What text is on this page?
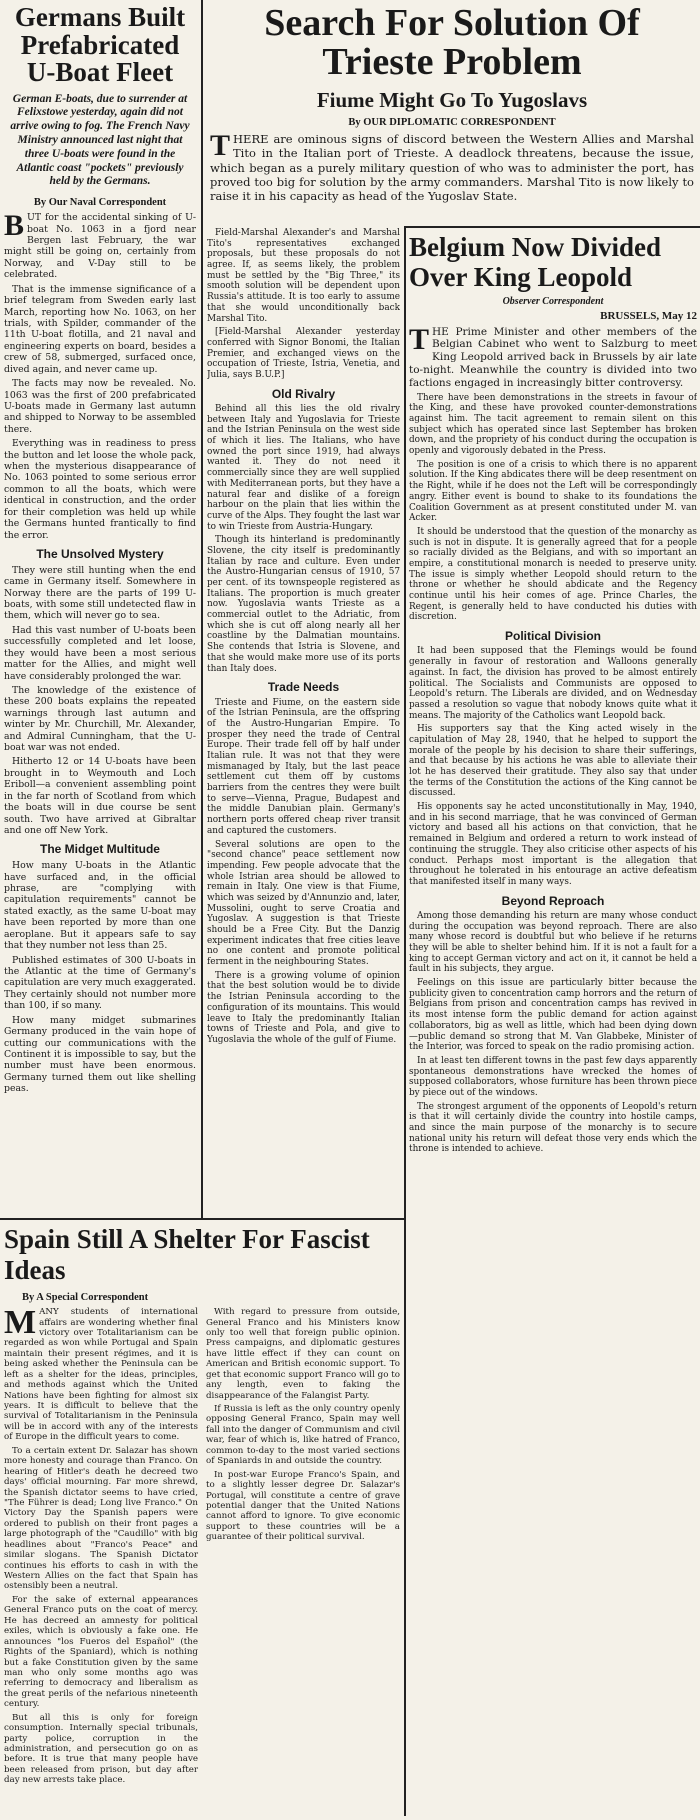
Germans Built Prefabricated U-Boat Fleet
German E-boats, due to surrender at Felixstowe yesterday, again did not arrive owing to fog. The French Navy Ministry announced last night that three U-boats were found in the Atlantic coast "pockets" previously held by the Germans.
By Our Naval Correspondent

BUT for the accidental sinking of U-boat No. 1063 in a fjord near Bergen last February, the war might still be going on, certainly from Norway, and V-Day still to be celebrated.

That is the immense significance of a brief telegram from Sweden early last March, reporting how No. 1063, on her trials, with Spilder, commander of the 11th U-boat flotilla, and 21 naval and engineering experts on board, besides a crew of 58, submerged, surfaced once, dived again, and never came up.

The facts may now be revealed. No. 1063 was the first of 200 prefabricated U-boats made in Germany last autumn and shipped to Norway to be assembled there.

Everything was in readiness to press the button and let loose the whole pack, when the mysterious disappearance of No. 1063 pointed to some serious error common to all the boats, which were identical in construction, and the order for their completion was held up while the Germans hunted frantically to find the error.

The Unsolved Mystery

They were still hunting when the end came in Germany itself. Somewhere in Norway there are the parts of 199 U-boats, with some still undetected flaw in them, which will never go to sea.

Had this vast number of U-boats been successfully completed and let loose, they would have been a most serious matter for the Allies, and might well have considerably prolonged the war.

The knowledge of the existence of these 200 boats explains the repeated warnings through last autumn and winter by Mr. Churchill, Mr. Alexander, and Admiral Cunningham, that the U-boat war was not ended.

Hitherto 12 or 14 U-boats have been brought in to Weymouth and Loch Eriboll—a convenient assembling point in the far north of Scotland from which the boats will in due course be sent south. Two have arrived at Gibraltar and one off New York.

The Midget Multitude

How many U-boats in the Atlantic have surfaced and, in the official phrase, are "complying with capitulation requirements" cannot be stated exactly, as the same U-boat may have been reported by more than one aeroplane. But it appears safe to say that they number not less than 25.

Published estimates of 300 U-boats in the Atlantic at the time of Germany's capitulation are very much exaggerated. They certainly should not number more than 100, if so many.

How many midget submarines Germany produced in the vain hope of cutting our communications with the Continent it is impossible to say, but the number must have been enormous. Germany turned them out like shelling peas.

Search For Solution Of Trieste Problem
Fiume Might Go To Yugoslavs
By OUR DIPLOMATIC CORRESPONDENT

THERE are ominous signs of discord between the Western Allies and Marshal Tito in the Italian port of Trieste. A deadlock threatens, because the issue, which began as a purely military question of who was to administer the port, has proved too big for solution by the army commanders. Marshal Tito is now likely to raise it in his capacity as head of the Yugoslav State.

Field-Marshal Alexander's and Marshal Tito's representatives exchanged proposals, but these proposals do not agree. If, as seems likely, the problem must be settled by the "Big Three," its smooth solution will be dependent upon Russia's attitude. It is too early to assume that she would unconditionally back Marshal Tito.

[Field-Marshal Alexander yesterday conferred with Signor Bonomi, the Italian Premier, and exchanged views on the occupation of Trieste, Istria, Venetia, and Julia, says B.U.P.]

Old Rivalry

Behind all this lies the old rivalry between Italy and Yugoslavia for Trieste and the Istrian Peninsula on the west side of which it lies. The Italians, who have owned the port since 1919, had always wanted it. They do not need it commercially since they are well supplied with Mediterranean ports, but they have a natural fear and dislike of a foreign harbour on the plain that lies within the curve of the Alps. They fought the last war to win Trieste from Austria-Hungary.

Though its hinterland is predominantly Slovene, the city itself is predominantly Italian by race and culture. Even under the Austro-Hungarian census of 1910, 57 per cent. of its townspeople registered as Italians. The proportion is much greater now. Yugoslavia wants Trieste as a commercial outlet to the Adriatic, from which she is cut off along nearly all her coastline by the Dalmatian mountains. She contends that Istria is Slovene, and that she would make more use of its ports than Italy does.

Trade Needs

Trieste and Fiume, on the eastern side of the Istrian Peninsula, are the offspring of the Austro-Hungarian Empire. To prosper they need the trade of Central Europe. Their trade fell off by half under Italian rule. It was not that they were mismanaged by Italy, but the last peace settlement cut them off by customs barriers from the centres they were built to serve—Vienna, Prague, Budapest and the middle Danubian plain. Germany's northern ports offered cheap river transit and captured the customers.

Several solutions are open to the "second chance" peace settlement now impending. Few people advocate that the whole Istrian area should be allowed to remain in Italy. One view is that Fiume, which was seized by d'Annunzio and, later, Mussolini, ought to serve Croatia and Yugoslav. A suggestion is that Trieste should be a Free City. But the Danzig experiment indicates that free cities leave no one content and promote political ferment in the neighbouring States.

There is a growing volume of opinion that the best solution would be to divide the Istrian Peninsula according to the configuration of its mountains. This would leave to Italy the predominantly Italian towns of Trieste and Pola, and give to Yugoslavia the whole of the gulf of Fiume.

Belgium Now Divided Over King Leopold
Observer Correspondent
BRUSSELS, May 12

THE Prime Minister and other members of the Belgian Cabinet who went to Salzburg to meet King Leopold arrived back in Brussels by air late to-night. Meanwhile the country is divided into two factions engaged in increasingly bitter controversy.

There have been demonstrations in the streets in favour of the King, and these have provoked counter-demonstrations against him. The tacit agreement to remain silent on this subject which has operated since last September has broken down, and the propriety of his conduct during the occupation is openly and vigorously debated in the Press.

The position is one of a crisis to which there is no apparent solution. If the King abdicates there will be deep resentment on the Right, while if he does not the Left will be correspondingly angry. Either event is bound to shake to its foundations the Coalition Government as at present constituted under M. van Acker.

It should be understood that the question of the monarchy as such is not in dispute. It is generally agreed that for a people so racially divided as the Belgians, and with so important an empire, a constitutional monarch is needed to preserve unity. The issue is simply whether Leopold should return to the throne or whether he should abdicate and the Regency continue until his heir comes of age. Prince Charles, the Regent, is generally held to have conducted his duties with discretion.

Political Division

It had been supposed that the Flemings would be found generally in favour of restoration and Walloons generally against. In fact, the division has proved to be almost entirely political. The Socialists and Communists are opposed to Leopold's return. The Liberals are divided, and on Wednesday passed a resolution so vague that nobody knows quite what it means. The majority of the Catholics want Leopold back.

His supporters say that the King acted wisely in the capitulation of May 28, 1940, that he helped to support the morale of the people by his decision to share their sufferings, and that because by his actions he was able to alleviate their lot he has deserved their gratitude. They also say that under the terms of the Constitution the actions of the King cannot be discussed.

His opponents say he acted unconstitutionally in May, 1940, and in his second marriage, that he was convinced of German victory and based all his actions on that conviction, that he remained in Belgium and ordered a return to work instead of continuing the struggle. They also criticise other aspects of his conduct. Perhaps most important is the allegation that throughout he tolerated in his entourage an active defeatism that manifested itself in many ways.

Beyond Reproach

Among those demanding his return are many whose conduct during the occupation was beyond reproach. There are also many whose record is doubtful but who believe if he returns they will be able to shelter behind him. If it is not a fault for a king to accept German victory and act on it, it cannot be held a fault in his subjects, they argue.

Feelings on this issue are particularly bitter because the publicity given to concentration camp horrors and the return of Belgians from prison and concentration camps has revived in its most intense form the public demand for action against collaborators, big as well as little, which had been dying down—public demand so strong that M. Van Glabbeke, Minister of the Interior, was forced to speak on the radio promising action.

In at least ten different towns in the past few days apparently spontaneous demonstrations have wrecked the homes of supposed collaborators, whose furniture has been thrown piece by piece out of the windows.

The strongest argument of the opponents of Leopold's return is that it will certainly divide the country into hostile camps, and since the main purpose of the monarchy is to secure national unity his return will defeat those very ends which the throne is intended to achieve.

Spain Still A Shelter For Fascist Ideas
By A Special Correspondent

MANY students of international affairs are wondering whether final victory over Totalitarianism can be regarded as won while Portugal and Spain maintain their present régimes, and it is being asked whether the Peninsula can be left as a shelter for the ideas, principles, and methods against which the United Nations have been fighting for almost six years. It is difficult to believe that the survival of Totalitarianism in the Peninsula will be in accord with any of the interests of Europe in the difficult years to come.

To a certain extent Dr. Salazar has shown more honesty and courage than Franco. On hearing of Hitler's death he decreed two days' official mourning. Far more shrewd, the Spanish dictator seems to have cried, "The Führer is dead; Long live Franco." On Victory Day the Spanish papers were ordered to publish on their front pages a large photograph of the "Caudillo" with big headlines about "Franco's Peace" and similar slogans. The Spanish Dictator continues his efforts to cash in with the Western Allies on the fact that Spain has ostensibly been a neutral.

For the sake of external appearances General Franco puts on the coat of mercy. He has decreed an amnesty for political exiles, which is obviously a fake one. He announces "los Fueros del Español" (the Rights of the Spaniard), which is nothing but a fake Constitution given by the same man who only some months ago was referring to democracy and liberalism as the great perils of the nefarious nineteenth century.

But all this is only for foreign consumption. Internally special tribunals, party police, corruption in the administration, and persecution go on as before. It is true that many people have been released from prison, but day after day new arrests take place.

With regard to pressure from outside, General Franco and his Ministers know only too well that foreign public opinion. Press campaigns, and diplomatic gestures have little effect if they can count on American and British economic support. To get that economic support Franco will go to any length, even to faking the disappearance of the Falangist Party.

If Russia is left as the only country openly opposing General Franco, Spain may well fall into the danger of Communism and civil war, fear of which is, like hatred of Franco, common to-day to the most varied sections of Spaniards in and outside the country.

In post-war Europe Franco's Spain, and to a slightly lesser degree Dr. Salazar's Portugal, will constitute a centre of grave potential danger that the United Nations cannot afford to ignore. To give economic support to these countries will be a guarantee of their political survival.
